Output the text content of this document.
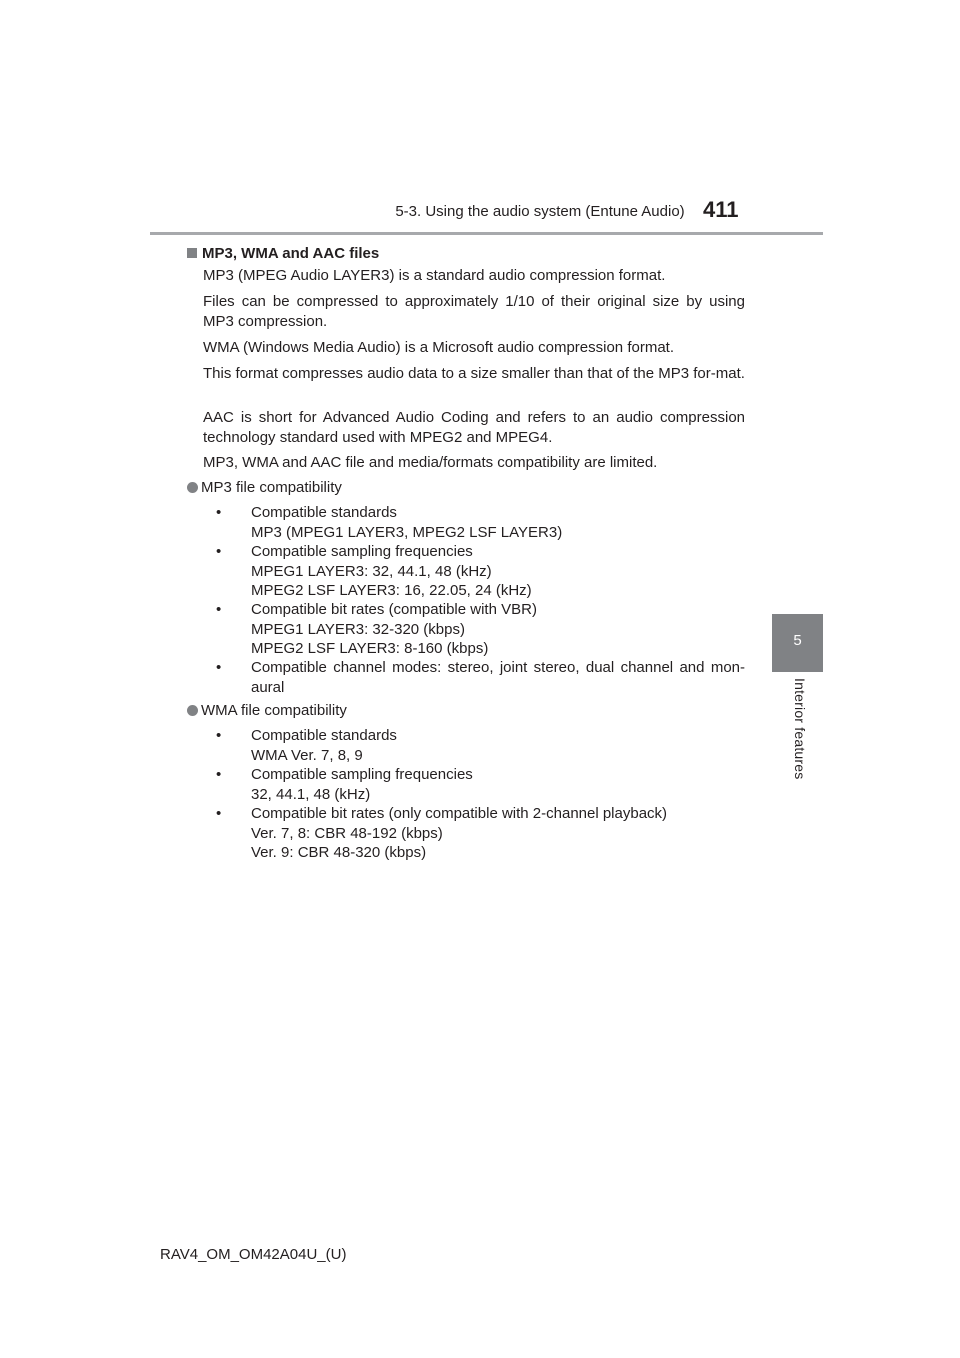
5-3. Using the audio system (Entune Audio) 411
5
Interior features
MP3, WMA and AAC files
MP3 (MPEG Audio LAYER3) is a standard audio compression format.
Files can be compressed to approximately 1/10 of their original size by using MP3 compression.
WMA (Windows Media Audio) is a Microsoft audio compression format.
This format compresses audio data to a size smaller than that of the MP3 for-mat.
AAC is short for Advanced Audio Coding and refers to an audio compression technology standard used with MPEG2 and MPEG4.
MP3, WMA and AAC file and media/formats compatibility are limited.
MP3 file compatibility
• Compatible standards
MP3 (MPEG1 LAYER3, MPEG2 LSF LAYER3)
• Compatible sampling frequencies
MPEG1 LAYER3: 32, 44.1, 48 (kHz)
MPEG2 LSF LAYER3: 16, 22.05, 24 (kHz)
• Compatible bit rates (compatible with VBR)
MPEG1 LAYER3: 32-320 (kbps)
MPEG2 LSF LAYER3: 8-160 (kbps)
• Compatible channel modes: stereo, joint stereo, dual channel and mon-aural
WMA file compatibility
• Compatible standards
WMA Ver. 7, 8, 9
• Compatible sampling frequencies
32, 44.1, 48 (kHz)
• Compatible bit rates (only compatible with 2-channel playback)
Ver. 7, 8: CBR 48-192 (kbps)
Ver. 9: CBR 48-320 (kbps)
RAV4_OM_OM42A04U_(U)
